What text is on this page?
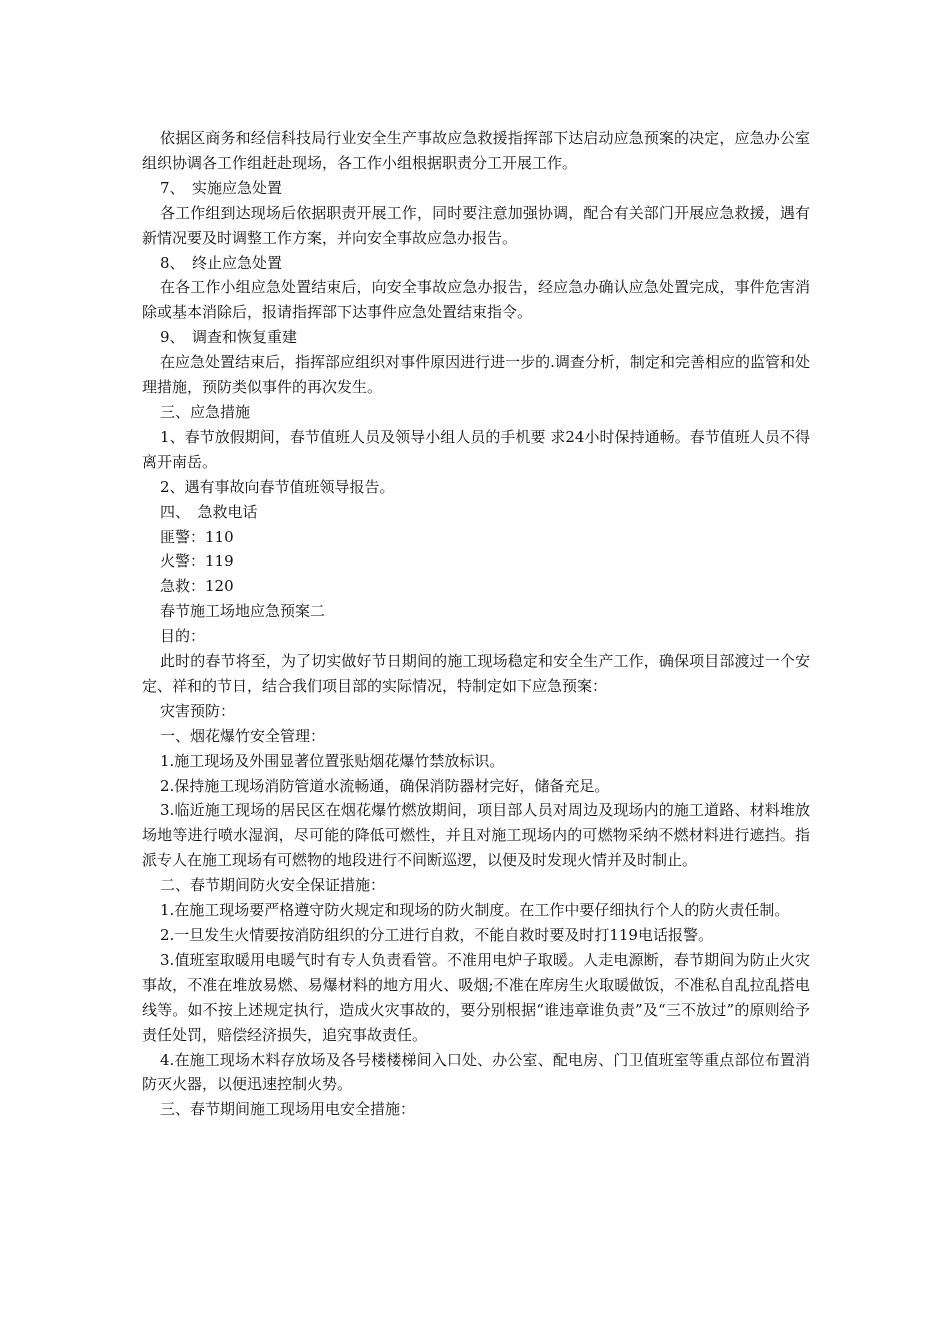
依据区商务和经信科技局行业安全生产事故应急救援指挥部下达启动应急预案的决定，应急办公室组织协调各工作组赶赴现场，各工作小组根据职责分工开展工作。

7、　实施应急处置

各工作组到达现场后依据职责开展工作，同时要注意加强协调，配合有关部门开展应急救援，遇有新情况要及时调整工作方案，并向安全事故应急办报告。

8、　终止应急处置

在各工作小组应急处置结束后，向安全事故应急办报告，经应急办确认应急处置完成，事件危害消除或基本消除后，报请指挥部下达事件应急处置结束指令。

9、　调查和恢复重建

在应急处置结束后，指挥部应组织对事件原因进行进一步的.调查分析，制定和完善相应的监管和处理措施，预防类似事件的再次发生。

三、应急措施

1、春节放假期间，春节值班人员及领导小组人员的手机要 求24小时保持通畅。春节值班人员不得离开南岳。

2、遇有事故向春节值班领导报告。

四、　急救电话

匪警：110

火警：119

急救：120

春节施工场地应急预案二

目的：

此时的春节将至，为了切实做好节日期间的施工现场稳定和安全生产工作，确保项目部渡过一个安定、祥和的节日，结合我们项目部的实际情况，特制定如下应急预案：

灾害预防：

一、烟花爆竹安全管理：

1.施工现场及外围显著位置张贴烟花爆竹禁放标识。

2.保持施工现场消防管道水流畅通，确保消防器材完好，储备充足。

3.临近施工现场的居民区在烟花爆竹燃放期间，项目部人员对周边及现场内的施工道路、材料堆放场地等进行喷水湿润，尽可能的降低可燃性，并且对施工现场内的可燃物采纳不燃材料进行遮挡。指派专人在施工现场有可燃物的地段进行不间断巡逻，以便及时发现火情并及时制止。

二、春节期间防火安全保证措施：

1.在施工现场要严格遵守防火规定和现场的防火制度。在工作中要仔细执行个人的防火责任制。

2.一旦发生火情要按消防组织的分工进行自救，不能自救时要及时打119电话报警。

3.值班室取暖用电暖气时有专人负责看管。不准用电炉子取暖。人走电源断，春节期间为防止火灾事故，不准在堆放易燃、易爆材料的地方用火、吸烟;不准在库房生火取暖做饭，不准私自乱拉乱搭电线等。如不按上述规定执行，造成火灾事故的，要分别根据“谁违章谁负责”及“三不放过”的原则给予责任处罚，赔偿经济损失，追究事故责任。

4.在施工现场木料存放场及各号楼楼梯间入口处、办公室、配电房、门卫值班室等重点部位布置消防灭火器，以便迅速控制火势。

三、春节期间施工现场用电安全措施：
